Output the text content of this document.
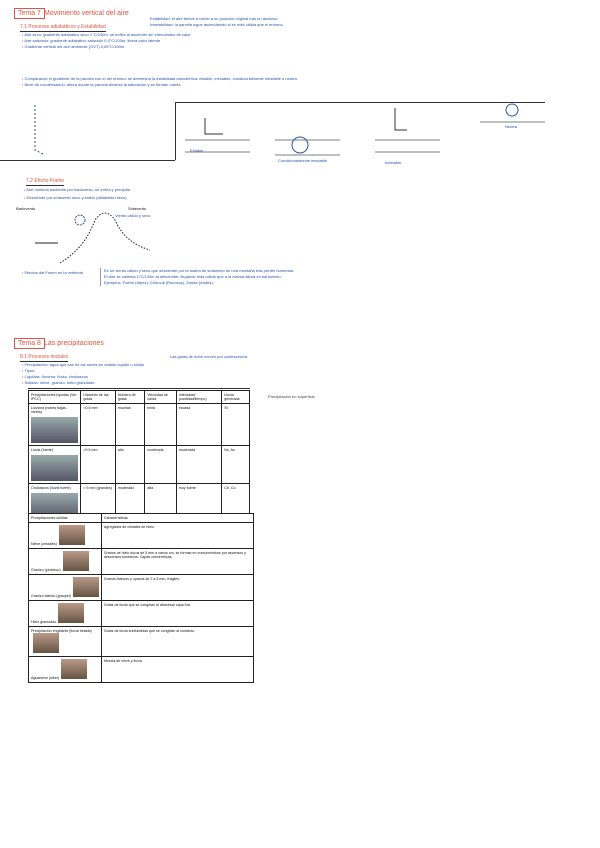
Tema 7 Movimiento vertical del aire
7.1 Procesos adiabáticos y Estabilidad
• Aire seco: gradiente adiabático seco 1°C/100m, se enfría al ascender sin intercambio de calor
• Aire saturado: gradiente adiabático saturado 0,5°C/100m, libera calor latente
• Gradiente vertical del aire ambiente (GVT) 0,65°C/100m
Estabilidad: el aire tiende a volver a su posición original tras un ascenso
Inestabilidad: la parcela sigue ascendiendo si es más cálida que el entorno
• Comparando el gradiente de la parcela con el del entorno se determina la estabilidad atmosférica: estable, inestable, condicionalmente inestable o neutra.
• Nivel de condensación: altura donde la parcela alcanza la saturación y se forman nubes.
Estable
Condicionalmente inestable	Inestable
Neutra
7.2 Efecto Foehn
• Aire húmedo asciende por barlovento, se enfría y precipita
• Desciende por sotavento seco y cálido (adiabático seco)
Barlovento	Sotavento
Viento cálido y seco
• Efectos del Foehn en la vertiente	Es un viento cálido y seco que desciende por la ladera de sotavento de una montaña tras perder humedad.
El aire se calienta 1°C/100m al descender, llegando más cálido que a la misma altura en barlovento.
Ejemplos: Foehn (Alpes), Chinook (Rocosas), Zonda (Andes).
Tema 8 Las precipitaciones
8.1 Procesos iniciales	Las gotas de nube crecen por coalescencia
• Precipitación: agua que cae de las nubes en estado líquido o sólido
• Tipos:
• Líquidas: llovizna, lluvia, chubascos
• Sólidas: nieve, granizo, hielo granulado
Precipitación en superficie
Precipitaciones líquidas (Ver IPCC)	Diámetro de las gotas	Número de gotas	Velocidad de caída	Intensidad (cantidad/tiempo)	Lluvia generada
Llovizna (nubes bajas, niebla)	<0,5 mm	muchas	lenta	escasa	St
Lluvia (fuerte)	>0,5 mm	alto	moderada	moderada	Ns, As
Chubascos (lluvia fuerte)	> 5 mm (grandes)	moderado	alta	muy fuerte	Cb, Cu
Precipitaciones sólidas	Características
Nieve (cristales)	Agregados de cristales de hielo
Granizo (pedrisco)	Granos de hielo duros de 5 mm a varios cm, se forman en cumulonimbos por ascensos y descensos sucesivos. Capas concéntricas.
Granizo blando (graupel)	Granos blancos y opacos de 2 a 5 mm, frágiles.
Hielo granulado	Gotas de lluvia que se congelan al atravesar capa fría.
Precipitación engelante (lluvia helada)	Gotas de lluvia subfundidas que se congelan al contacto.
Aguanieve (sleet)	Mezcla de nieve y lluvia
